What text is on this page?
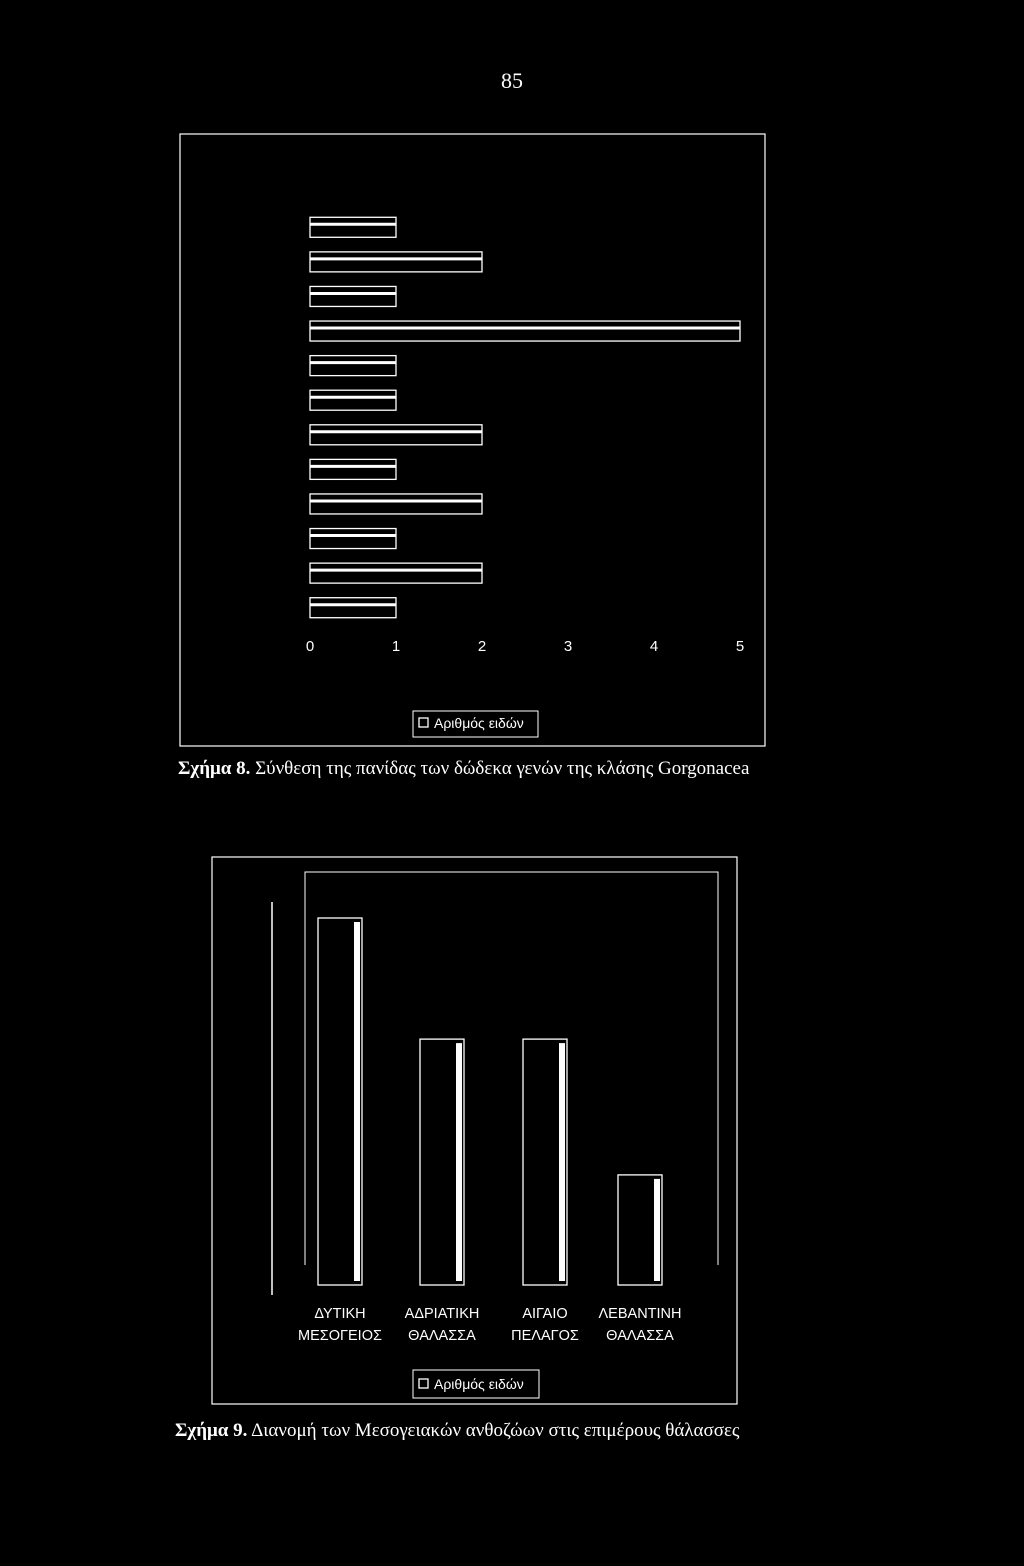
85
0	1	2	3	4	5
Αριθμός ειδών
Σχήμα 8. Σύνθεση της πανίδας των δώδεκα γενών της κλάσης Gorgonacea
ΔΥΤΙΚΗ
ΜΕΣΟΓΕΙΟΣ
ΑΔΡΙΑΤΙΚΗ
ΘΑΛΑΣΣΑ
ΑΙΓΑΙΟ
ΠΕΛΑΓΟΣ
ΛΕΒΑΝΤΙΝΗ
ΘΑΛΑΣΣΑ
Αριθμός ειδών
Σχήμα 9. Διανομή των Μεσογειακών ανθοζώων στις επιμέρους θάλασσες
